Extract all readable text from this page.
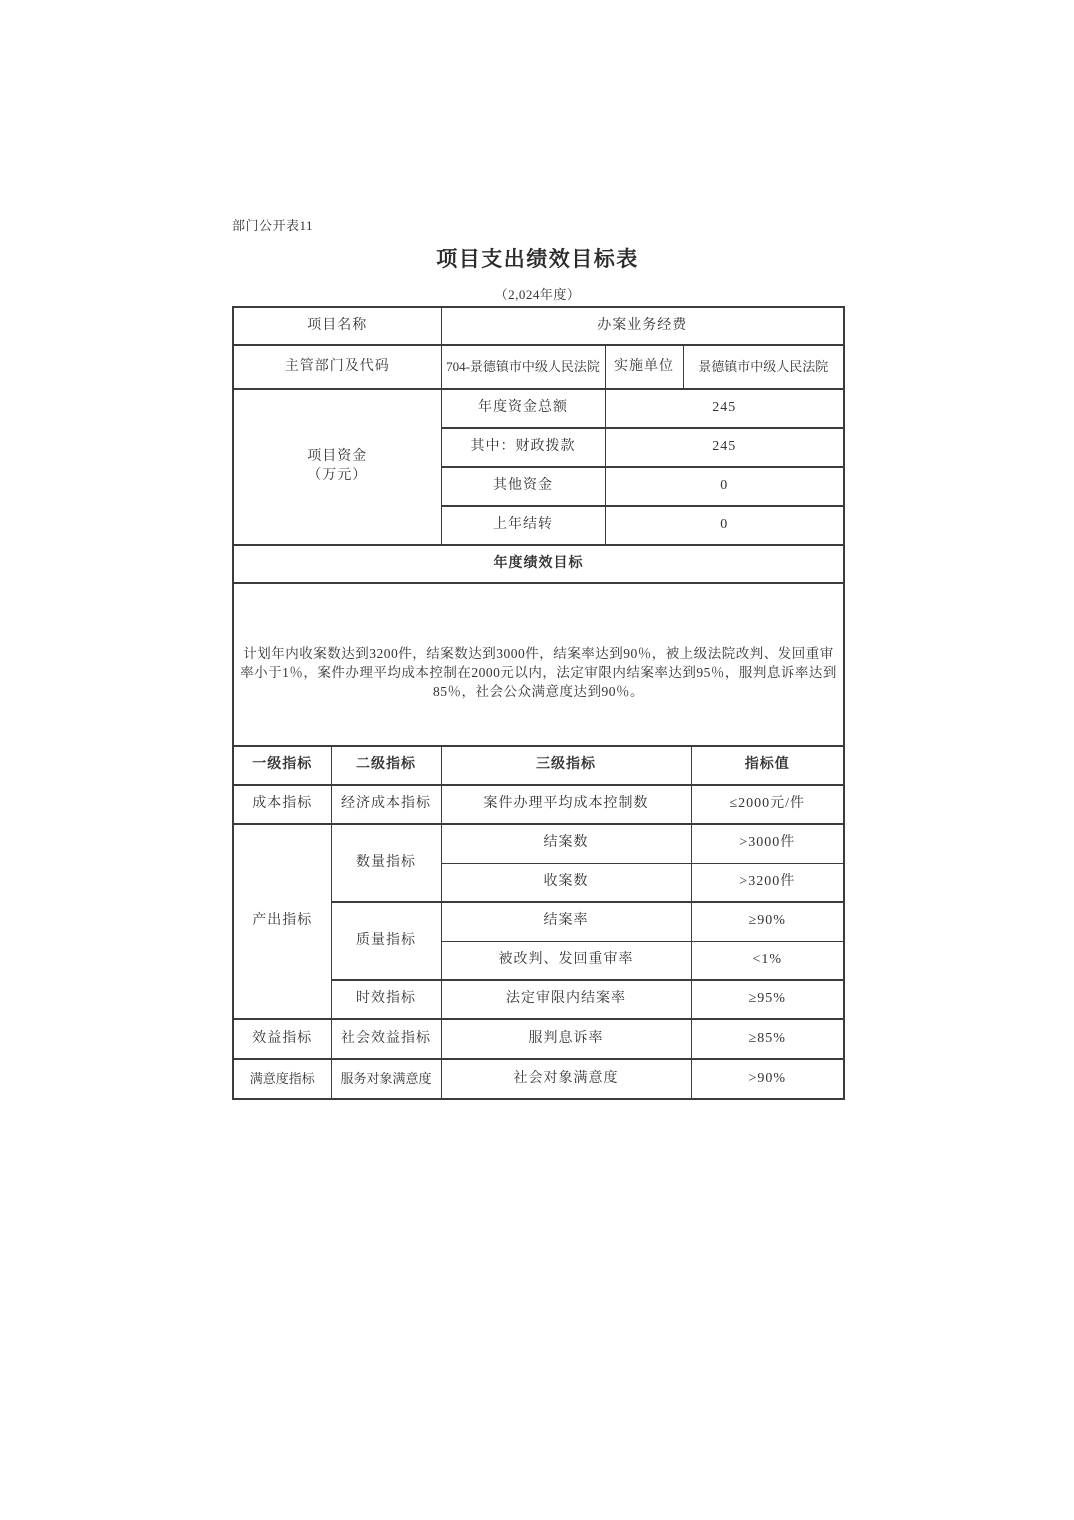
部门公开表11
项目支出绩效目标表
（2,024年度）
项目名称		办案业务经费			
主管部门及代码		704-景德镇市中级人民法院	实施单位	景德镇市中级人民法院	
项目资金
（万元）		年度资金总额	245		
		其中：财政拨款	245		
		其他资金	0		
		上年结转	0		
年度绩效目标					
计划年内收案数达到3200件，结案数达到3000件，结案率达到90％，被上级法院改判、发回重审率小于1％，案件办理平均成本控制在2000元以内，法定审限内结案率达到95％，服判息诉率达到85％，社会公众满意度达到90％。					
一级指标	二级指标	三级指标			指标值
成本指标	经济成本指标	案件办理平均成本控制数			≤2000元/件
产出指标	数量指标	结案数			>3000件
		收案数			>3200件
	质量指标	结案率			≥90%
		被改判、发回重审率			<1%
	时效指标	法定审限内结案率			≥95%
效益指标	社会效益指标	服判息诉率			≥85%
满意度指标	服务对象满意度	社会对象满意度			>90%
